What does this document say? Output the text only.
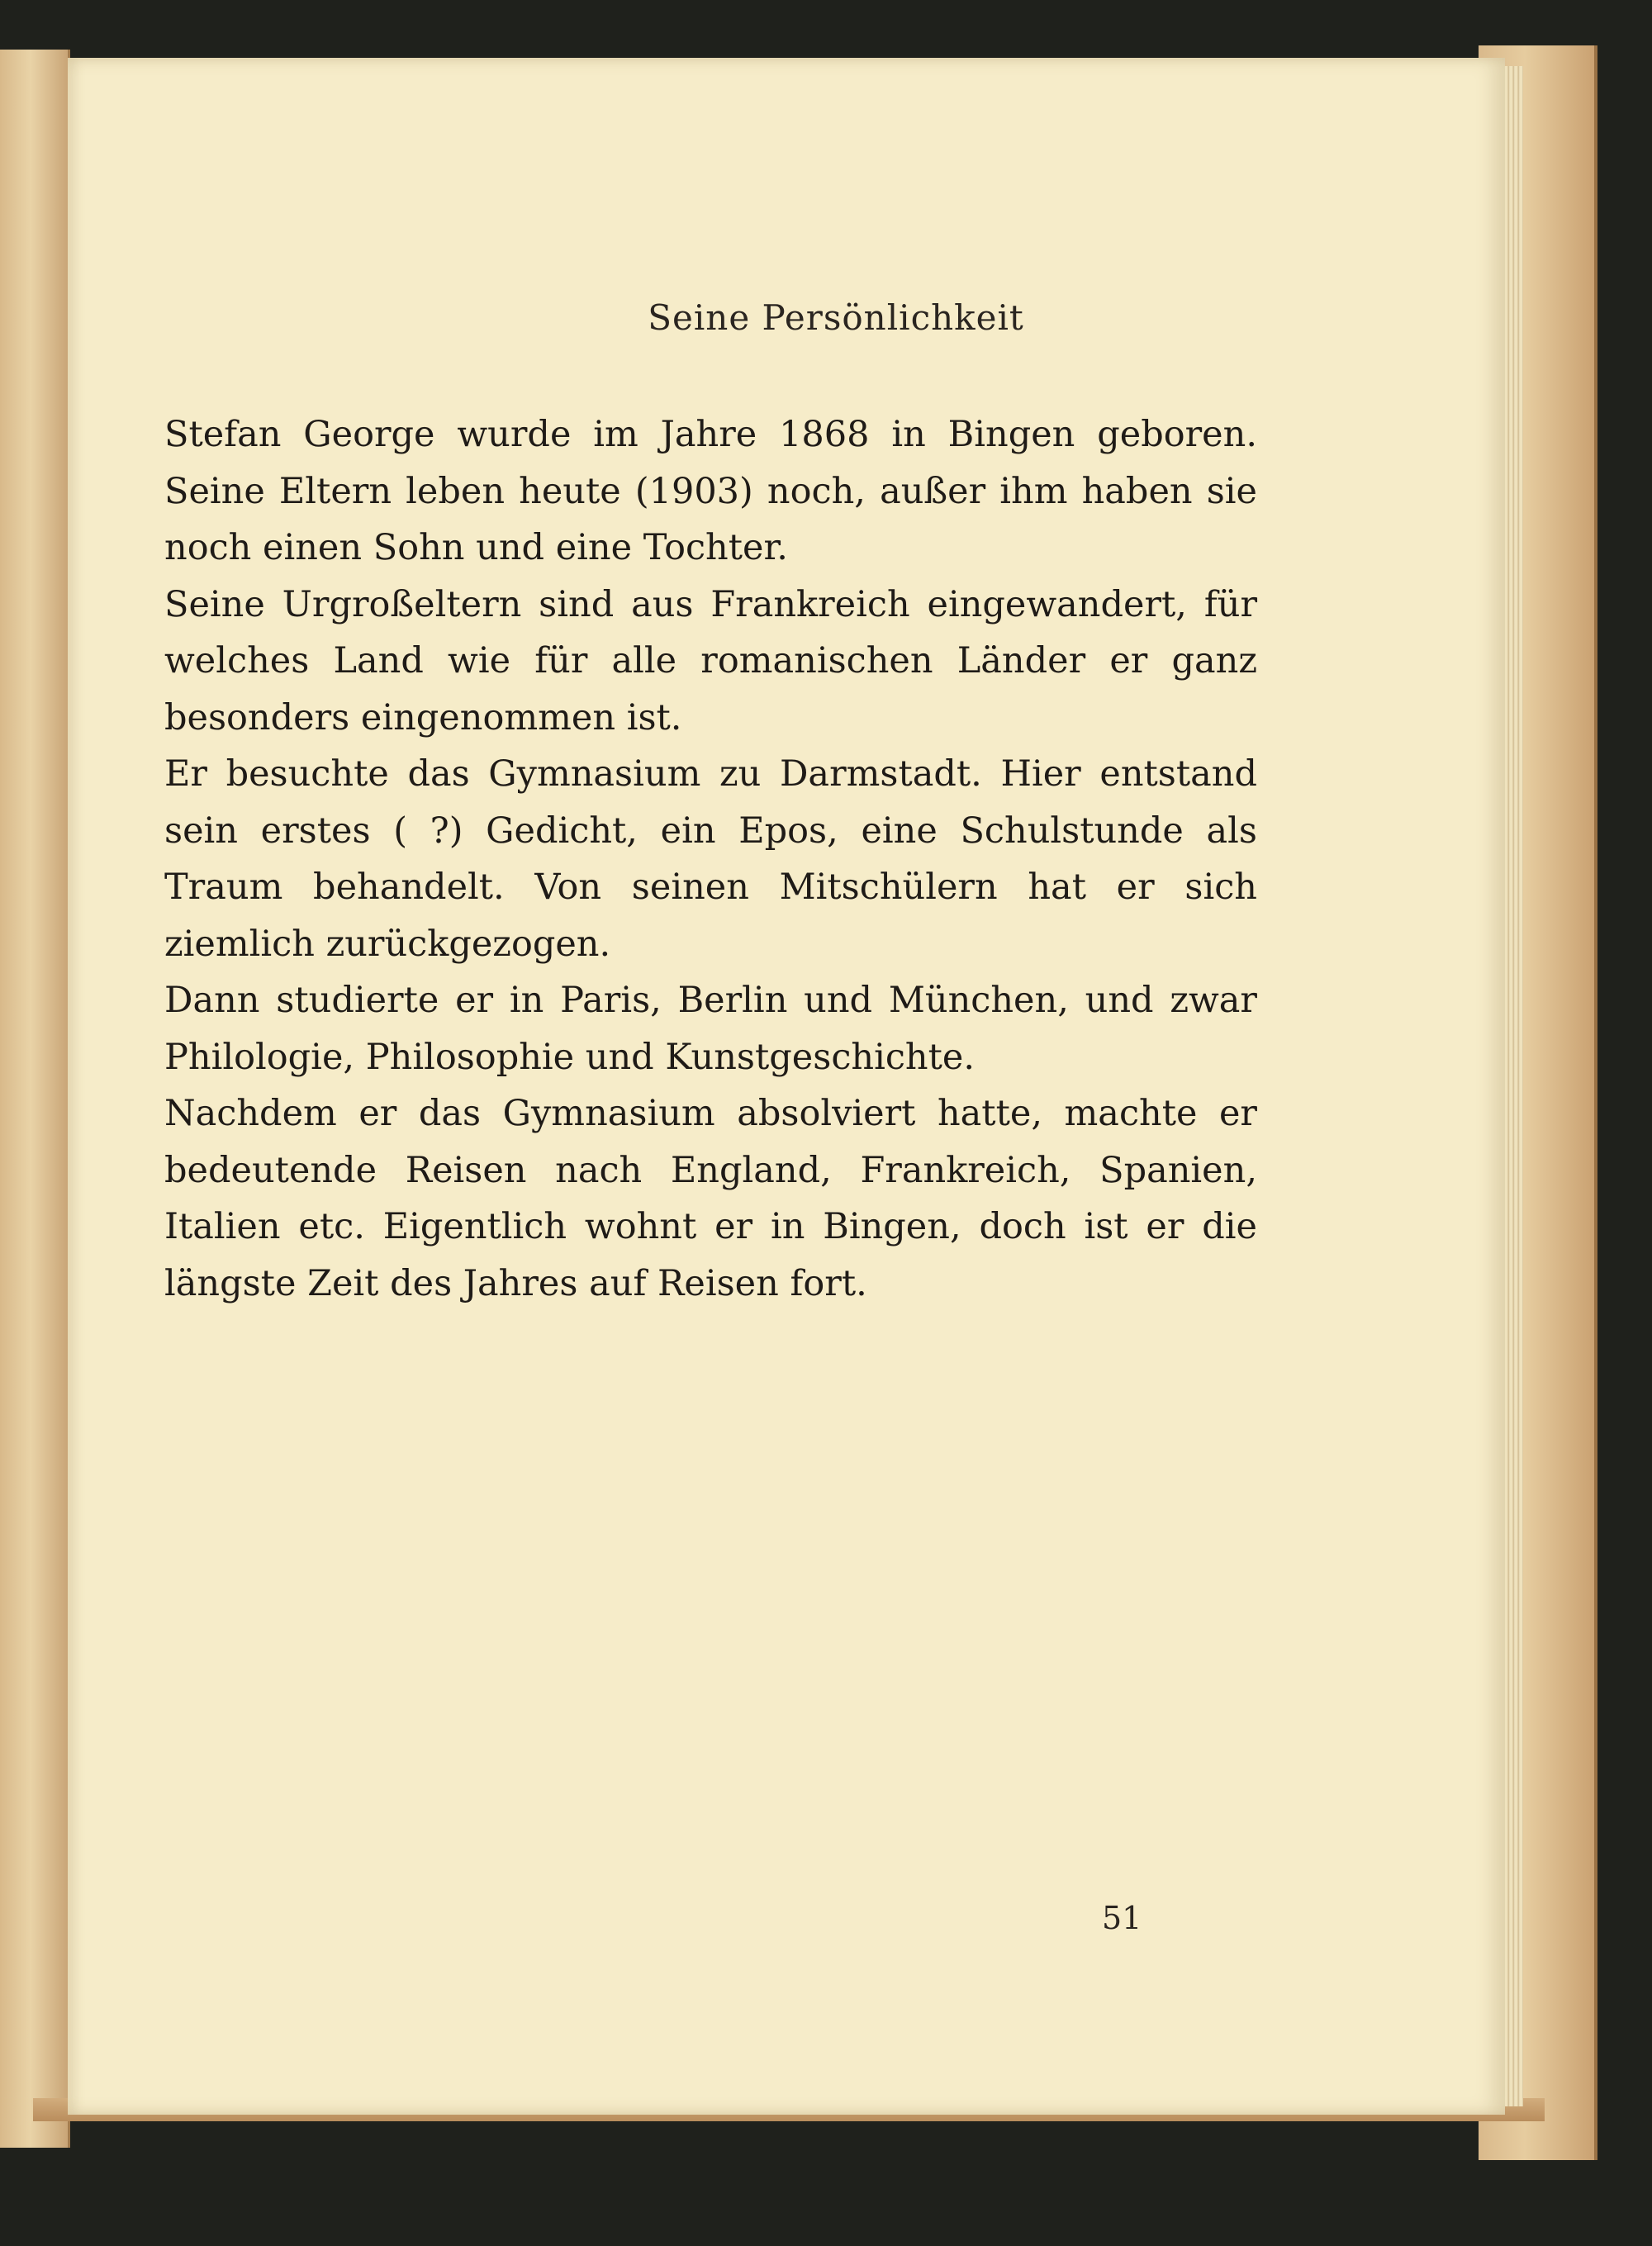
Seine Persönlichkeit

Stefan George wurde im Jahre 1868 in Bingen geboren. Seine Eltern leben heute (1903) noch, außer ihm haben sie noch einen Sohn und eine Tochter.

Seine Urgroßeltern sind aus Frankreich eingewandert, für welches Land wie für alle romanischen Länder er ganz besonders eingenommen ist.

Er besuchte das Gymnasium zu Darmstadt. Hier entstand sein erstes ( ?) Gedicht, ein Epos, eine Schulstunde als Traum behandelt. Von seinen Mitschülern hat er sich ziemlich zurückgezogen.

Dann studierte er in Paris, Berlin und München, und zwar Philologie, Philosophie und Kunstgeschichte.

Nachdem er das Gymnasium absolviert hatte, machte er bedeutende Reisen nach England, Frankreich, Spanien, Italien etc. Eigentlich wohnt er in Bingen, doch ist er die längste Zeit des Jahres auf Reisen fort.

51
